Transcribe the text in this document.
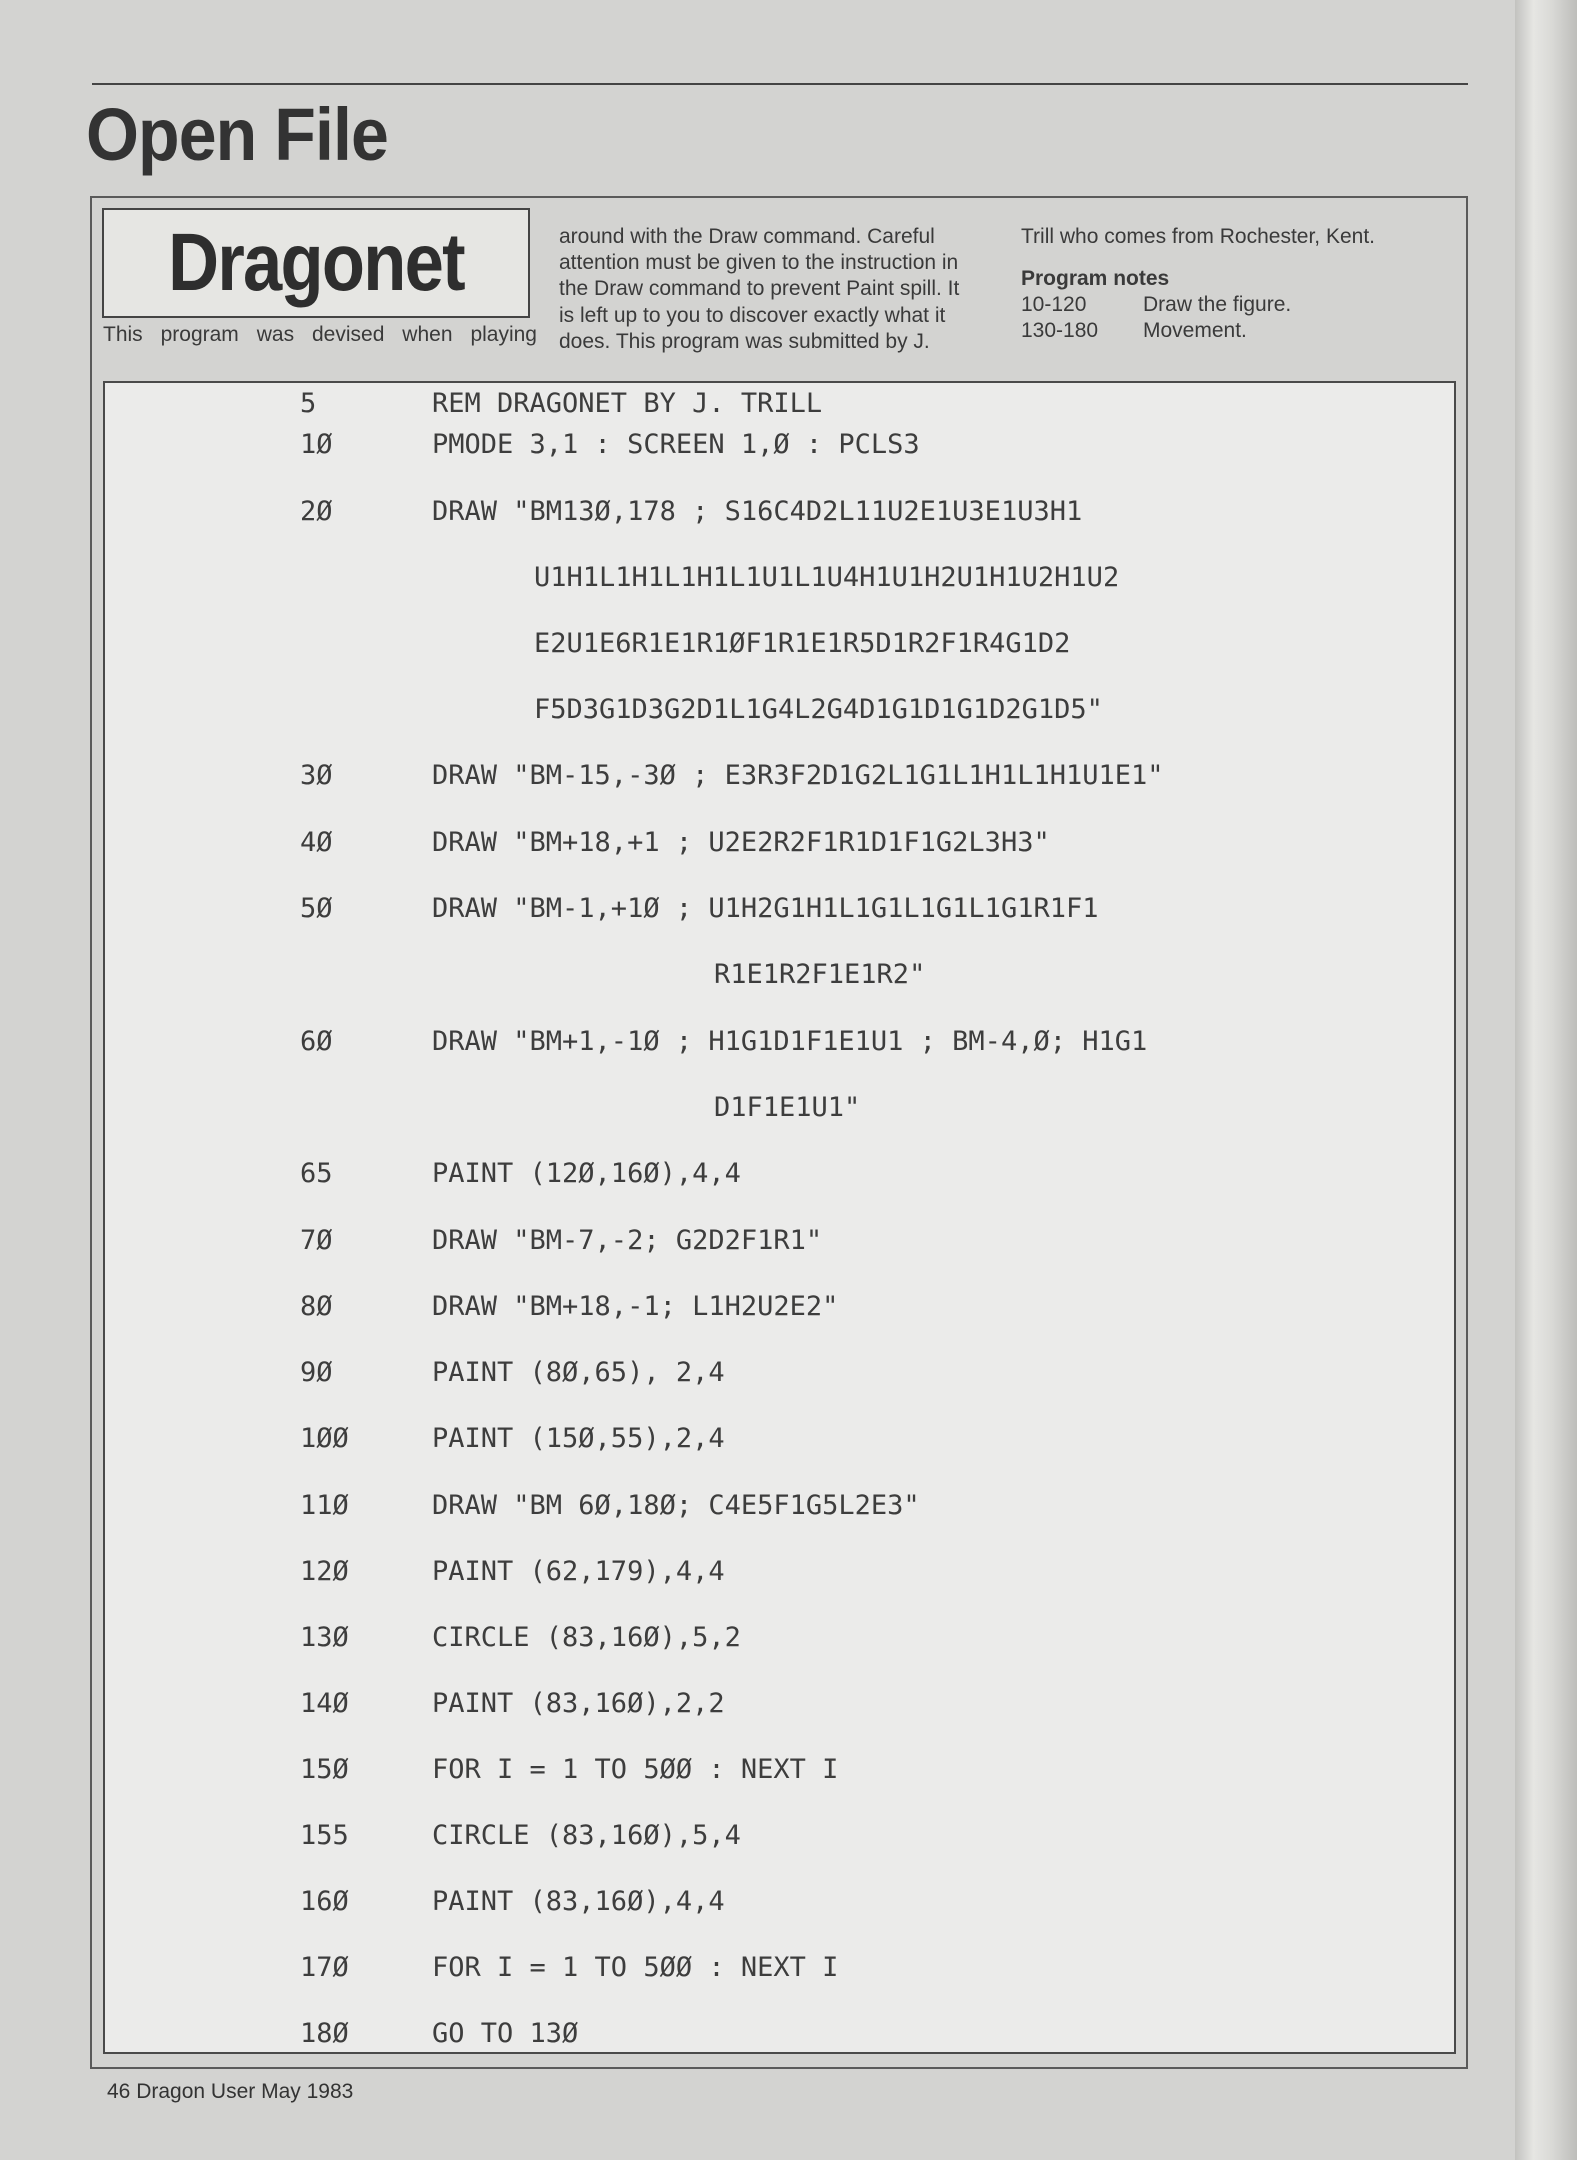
Open File
Dragonet
This program was devised when playing

around with the Draw command. Careful

attention must be given to the instruction in

the Draw command to prevent Paint spill. It

is left up to you to discover exactly what it

does. This program was submitted by J.

Trill who comes from Rochester, Kent.
Program notes
10-120	Draw the figure.
130-180	Movement.
5	REM DRAGONET BY J. TRILL
1Ø	PMODE 3,1 : SCREEN 1,Ø : PCLS3
2Ø	DRAW "BM13Ø,178 ; S16C4D2L11U2E1U3E1U3H1
U1H1L1H1L1H1L1U1L1U4H1U1H2U1H1U2H1U2
E2U1E6R1E1R1ØF1R1E1R5D1R2F1R4G1D2
F5D3G1D3G2D1L1G4L2G4D1G1D1G1D2G1D5"
3Ø	DRAW "BM-15,-3Ø ; E3R3F2D1G2L1G1L1H1L1H1U1E1"
4Ø	DRAW "BM+18,+1 ; U2E2R2F1R1D1F1G2L3H3"
5Ø	DRAW "BM-1,+1Ø ; U1H2G1H1L1G1L1G1L1G1R1F1
R1E1R2F1E1R2"
6Ø	DRAW "BM+1,-1Ø ; H1G1D1F1E1U1 ; BM-4,Ø; H1G1
D1F1E1U1"
65	PAINT (12Ø,16Ø),4,4
7Ø	DRAW "BM-7,-2; G2D2F1R1"
8Ø	DRAW "BM+18,-1; L1H2U2E2"
9Ø	PAINT (8Ø,65), 2,4
1ØØ	PAINT (15Ø,55),2,4
11Ø	DRAW "BM 6Ø,18Ø; C4E5F1G5L2E3"
12Ø	PAINT (62,179),4,4
13Ø	CIRCLE (83,16Ø),5,2
14Ø	PAINT (83,16Ø),2,2
15Ø	FOR I = 1 TO 5ØØ : NEXT I
155	CIRCLE (83,16Ø),5,4
16Ø	PAINT (83,16Ø),4,4
17Ø	FOR I = 1 TO 5ØØ : NEXT I
18Ø	GO TO 13Ø
46 Dragon User May 1983
